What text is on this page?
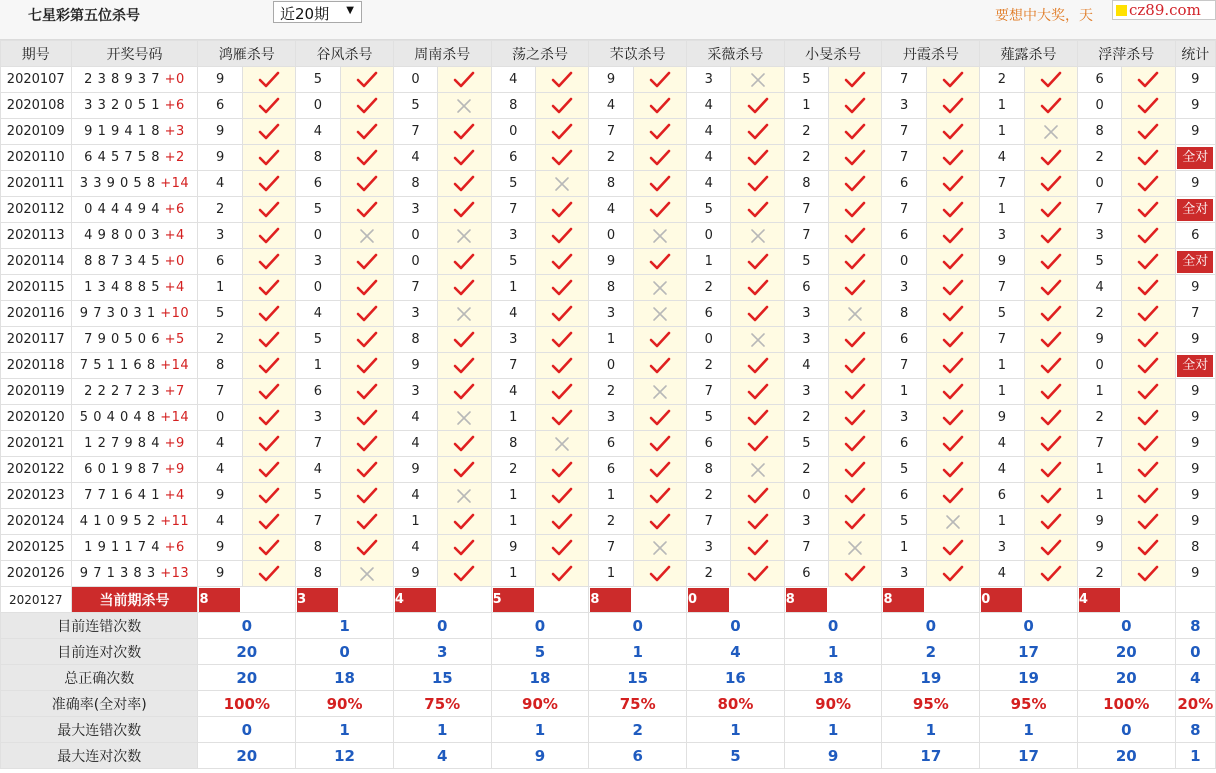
七星彩第五位杀号	近20期 ▼	要想中大奖，天	cz89.com
期号	开奖号码	鸿雁杀号		谷风杀号		周南杀号		荡之杀号		芣苡杀号		采薇杀号		小旻杀号		丹霞杀号		薤露杀号		浮萍杀号		统计
2020107	2 3 8 9 3 7 +0	9		5		0		4		9		3		5		7		2		6		9
2020108	3 3 2 0 5 1 +6	6		0		5		8		4		4		1		3		1		0		9
2020109	9 1 9 4 1 8 +3	9		4		7		0		7		4		2		7		1		8		9
2020110	6 4 5 7 5 8 +2	9		8		4		6		2		4		2		7		4		2		全对

2020111	3 3 9 0 5 8 +14	4		6		8		5		8		4		8		6		7		0		9
2020112	0 4 4 4 9 4 +6	2		5		3		7		4		5		7		7		1		7		全对

2020113	4 9 8 0 0 3 +4	3		0		0		3		0		0		7		6		3		3		6
2020114	8 8 7 3 4 5 +0	6		3		0		5		9		1		5		0		9		5		全对

2020115	1 3 4 8 8 5 +4	1		0		7		1		8		2		6		3		7		4		9
2020116	9 7 3 0 3 1 +10	5		4		3		4		3		6		3		8		5		2		7
2020117	7 9 0 5 0 6 +5	2		5		8		3		1		0		3		6		7		9		9
2020118	7 5 1 1 6 8 +14	8		1		9		7		0		2		4		7		1		0		全对

2020119	2 2 2 7 2 3 +7	7		6		3		4		2		7		3		1		1		1		9
2020120	5 0 4 0 4 8 +14	0		3		4		1		3		5		2		3		9		2		9
2020121	1 2 7 9 8 4 +9	4		7		4		8		6		6		5		6		4		7		9
2020122	6 0 1 9 8 7 +9	4		4		9		2		6		8		2		5		4		1		9
2020123	7 7 1 6 4 1 +4	9		5		4		1		1		2		0		6		6		1		9
2020124	4 1 0 9 5 2 +11	4		7		1		1		2		7		3		5		1		9		9
2020125	1 9 1 1 7 4 +6	9		8		4		9		7		3		7		1		3		9		8
2020126	9 7 1 3 8 3 +13	9		8		9		1		1		2		6		3		4		2		9
2020127	当前期杀号	8		3		4		5		8		0		8		8		0		4		

目前连错次数		0		1		0		0		0		0		0		0		0		0		8
目前连对次数		20		0		3		5		1		4		1		2		17		20		0
总正确次数		20		18		15		18		15		16		18		19		19		20		4
准确率(全对率)		100%		90%		75%		90%		75%		80%		90%		95%		95%		100%		20%
最大连错次数		0		1		1		1		2		1		1		1		1		0		8
最大连对次数		20		12		4		9		6		5		9		17		17		20		1
